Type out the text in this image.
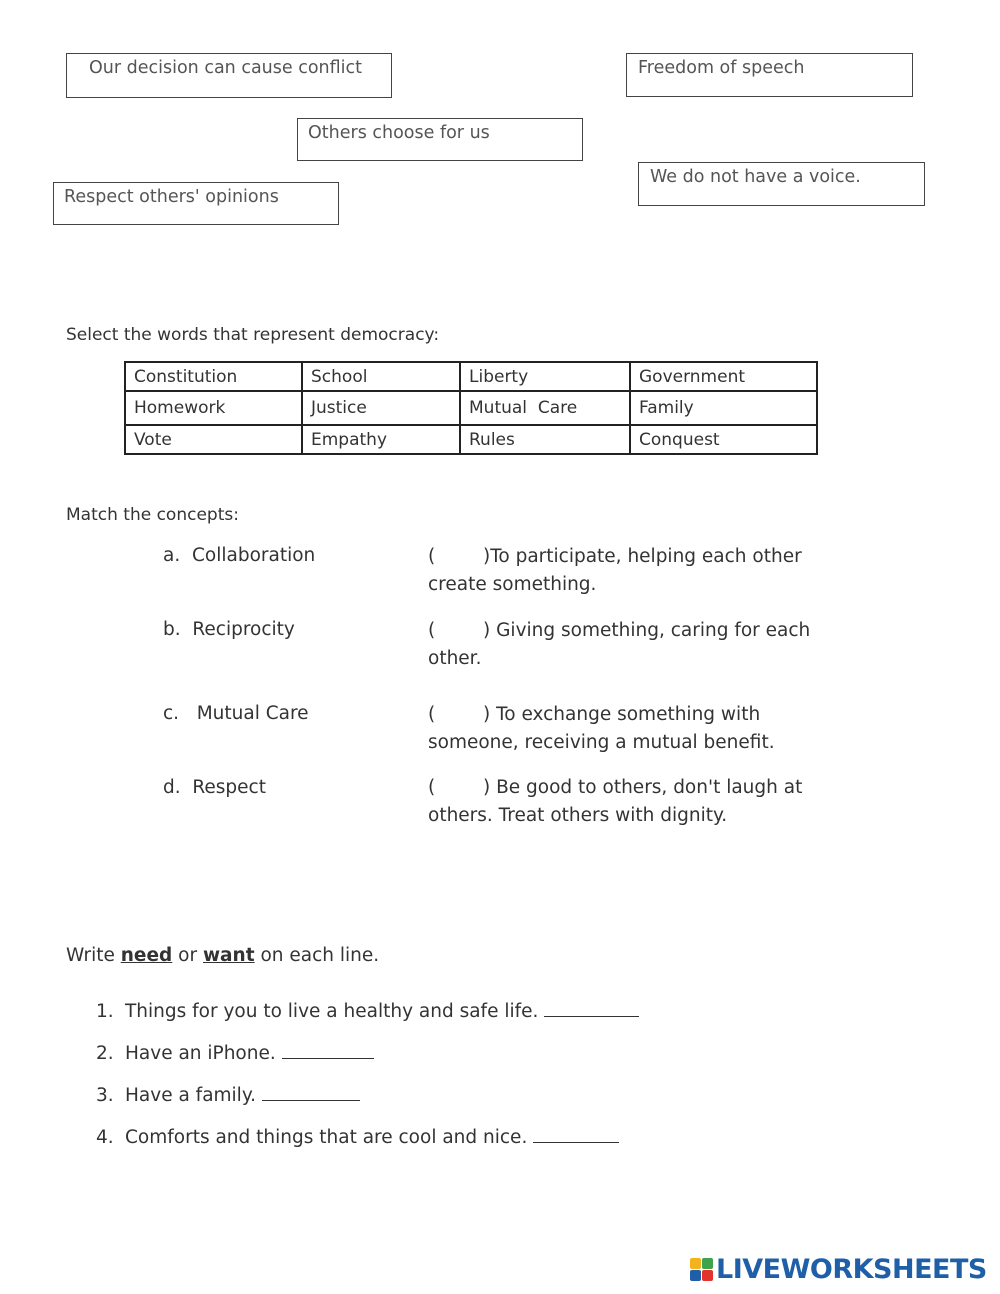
Our decision can cause conflict	Freedom of speech
Others choose for us
We do not have a voice.
Respect others' opinions
Select the words that represent democracy:
Constitution	School	Liberty	Government
Homework	Justice	Mutual  Care	Family
Vote	Empathy	Rules	Conquest
Match the concepts:
a.  Collaboration	(	)To participate, helping each other create something.
b.  Reciprocity	(	) Giving something, caring for each other.
c.   Mutual Care	(	) To exchange something with someone, receiving a mutual benefit.
d.  Respect	(	) Be good to others, don't laugh at others. Treat others with dignity.
Write need or want on each line.
1. Things for you to live a healthy and safe life.
2. Have an iPhone.
3. Have a family.
4. Comforts and things that are cool and nice.
LIVEWORKSHEETS
